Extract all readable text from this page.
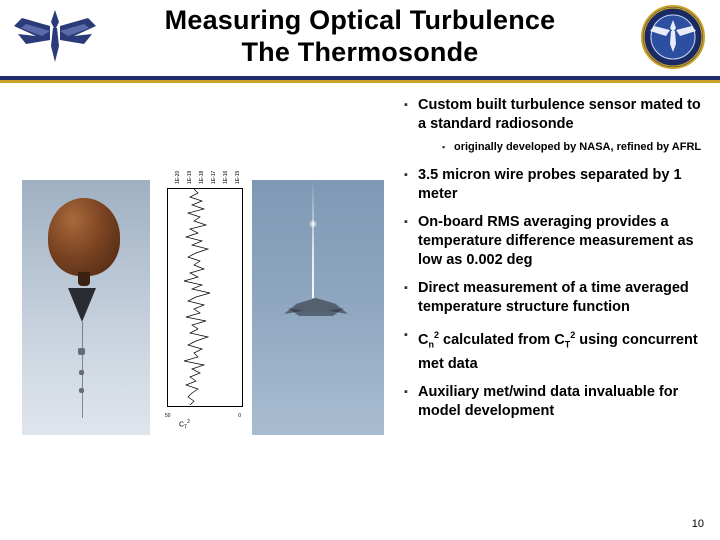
Measuring Optical Turbulence
The Thermosonde
1E-20 1E-19 1E-18 1E-17 1E-16 1E-15
50	0
$C_T^2$
▪ Custom built turbulence sensor mated to a standard radiosonde
▪ originally developed by NASA, refined by AFRL
▪ 3.5 micron wire probes separated by 1 meter
▪ On-board RMS averaging provides a temperature difference measurement as low as 0.002 deg
▪ Direct measurement of a time averaged temperature structure function
▪ $C_n^2$ calculated from $C_T^2$ using concurrent met data
▪ Auxiliary met/wind data invaluable for model development
10
